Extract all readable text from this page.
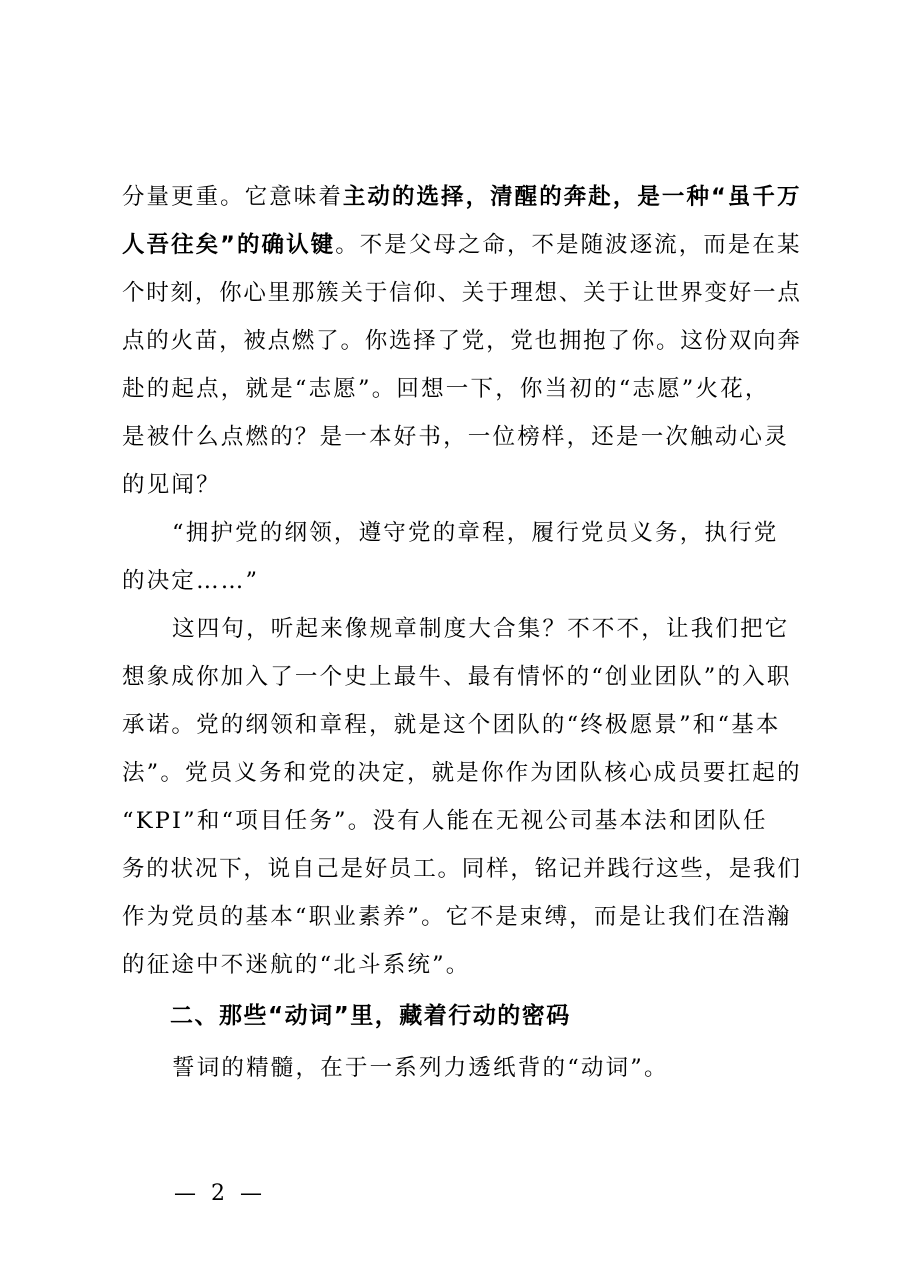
分量更重。它意味着主动的选择，清醒的奔赴，是一种“虽千万
人吾往矣”的确认键。不是父母之命，不是随波逐流，而是在某
个时刻，你心里那簇关于信仰、关于理想、关于让世界变好一点
点的火苗，被点燃了。你选择了党，党也拥抱了你。这份双向奔
赴的起点，就是“志愿”。回想一下，你当初的“志愿”火花，
是被什么点燃的？是一本好书，一位榜样，还是一次触动心灵
的见闻？
“拥护党的纲领，遵守党的章程，履行党员义务，执行党
的决定……”
这四句，听起来像规章制度大合集？不不不，让我们把它
想象成你加入了一个史上最牛、最有情怀的“创业团队”的入职
承诺。党的纲领和章程，就是这个团队的“终极愿景”和“基本
法”。党员义务和党的决定，就是你作为团队核心成员要扛起的
“KPI”和“项目任务”。没有人能在无视公司基本法和团队任
务的状况下，说自己是好员工。同样，铭记并践行这些，是我们
作为党员的基本“职业素养”。它不是束缚，而是让我们在浩瀚
的征途中不迷航的“北斗系统”。
二、那些“动词”里，藏着行动的密码
誓词的精髓，在于一系列力透纸背的“动词”。
— 2 —
